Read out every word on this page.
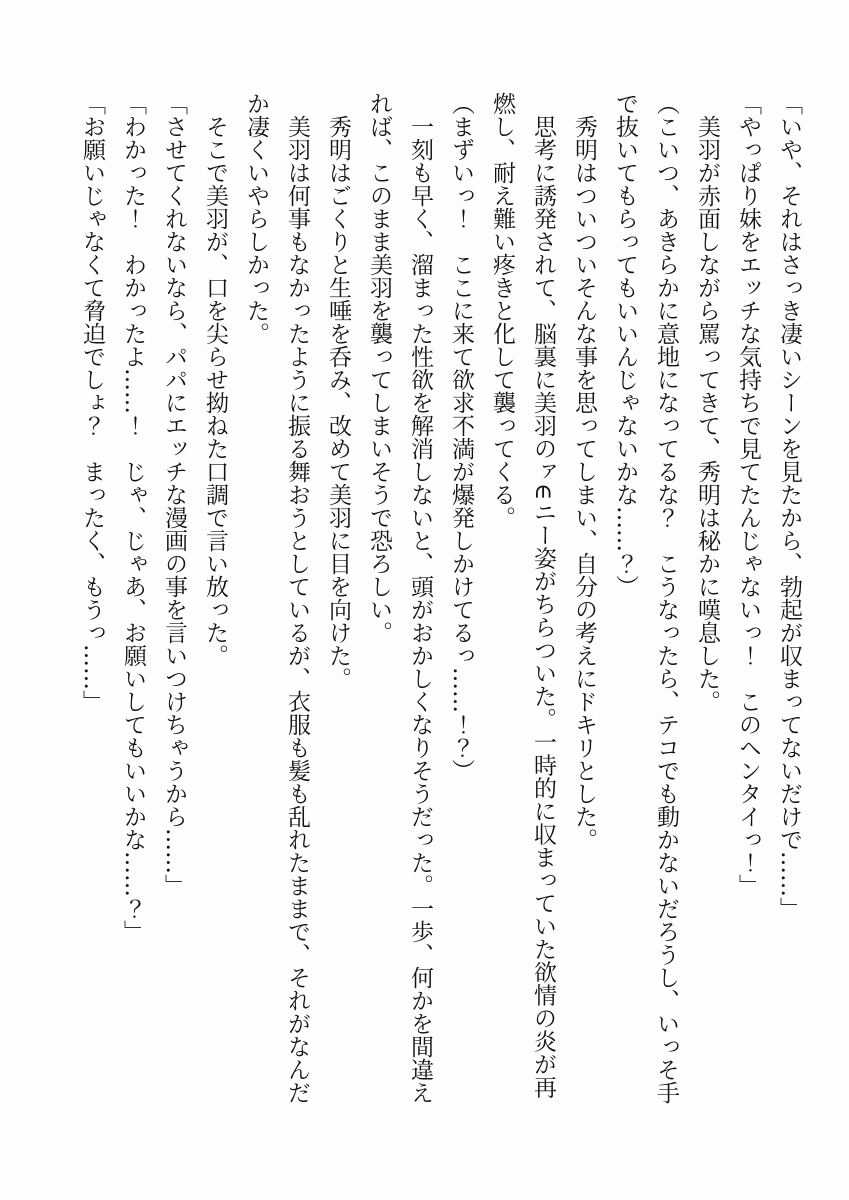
「いや、それはさっき凄いシーンを見たから、勃起が収まってないだけで……」

「やっぱり妹をエッチな気持ちで見てたんじゃないっ！　このヘンタイっ！」

美羽が赤面しながら罵ってきて、秀明は秘かに嘆息した。

（こいつ、あきらかに意地になってるな？　こうなったら、テコでも動かないだろうし、いっそ手で抜いてもらってもいいんじゃないかな……？）

秀明はついついそんな事を思ってしまい、自分の考えにドキリとした。

思考に誘発されて、脳裏に美羽のァ∈ニー姿がちらついた。一時的に収まっていた欲情の炎が再燃し、耐え難い疼きと化して襲ってくる。

（まずいっ！　ここに来て欲求不満が爆発しかけてるっ……！？）

一刻も早く、溜まった性欲を解消しないと、頭がおかしくなりそうだった。一歩、何かを間違えれば、このまま美羽を襲ってしまいそうで恐ろしい。

秀明はごくりと生唾を呑み、改めて美羽に目を向けた。

美羽は何事もなかったように振る舞おうとしているが、衣服も髪も乱れたままで、それがなんだか凄くいやらしかった。

そこで美羽が、口を尖らせ拗ねた口調で言い放った。

「させてくれないなら、パパにエッチな漫画の事を言いつけちゃうから……」

「わかった！　わかったよ……！　じゃ、じゃあ、お願いしてもいいかな……？」

「お願いじゃなくて脅迫でしょ？　まったく、もうっ……」
